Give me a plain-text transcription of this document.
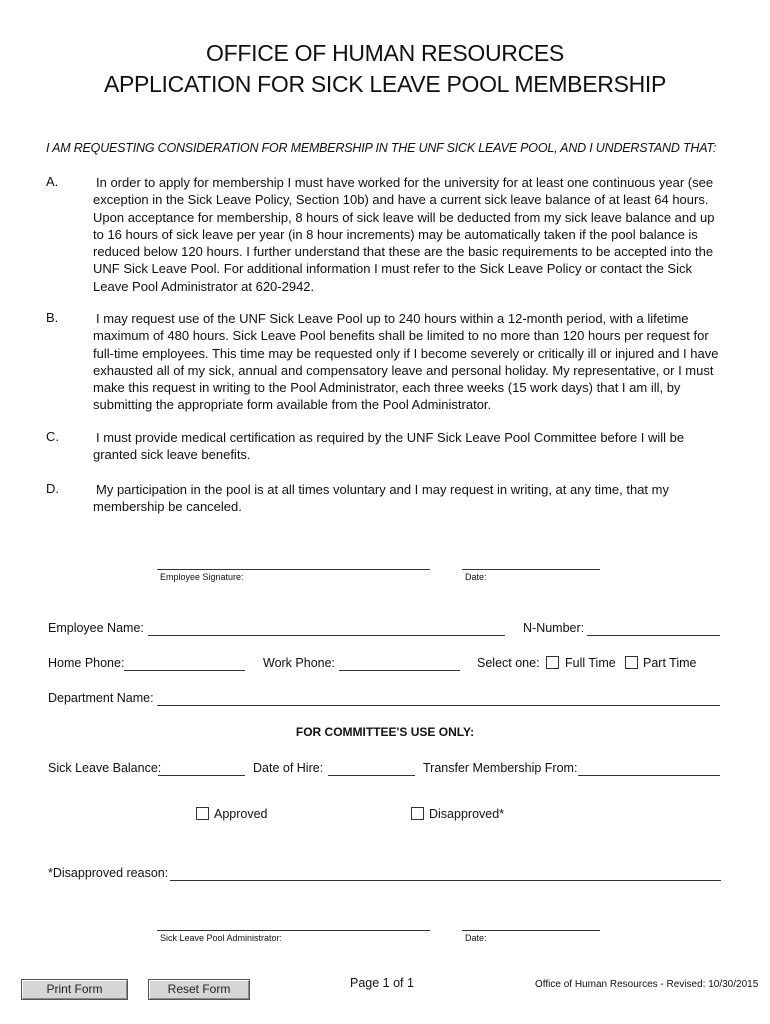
OFFICE OF HUMAN RESOURCES
APPLICATION FOR SICK LEAVE POOL MEMBERSHIP
I AM REQUESTING CONSIDERATION FOR MEMBERSHIP IN THE UNF SICK LEAVE POOL, AND I UNDERSTAND THAT:
A.	In order to apply for membership I must have worked for the university for at least one continuous year (see exception in the Sick Leave Policy, Section 10b) and have a current sick leave balance of at least 64 hours. Upon acceptance for membership, 8 hours of sick leave will be deducted from my sick leave balance and up to 16 hours of sick leave per year (in 8 hour increments) may be automatically taken if the pool balance is reduced below 120 hours. I further understand that these are the basic requirements to be accepted into the UNF Sick Leave Pool. For additional information I must refer to the Sick Leave Policy or contact the Sick Leave Pool Administrator at 620-2942.
B.	I may request use of the UNF Sick Leave Pool up to 240 hours within a 12-month period, with a lifetime maximum of 480 hours. Sick Leave Pool benefits shall be limited to no more than 120 hours per request for full-time employees. This time may be requested only if I become severely or critically ill or injured and I have exhausted all of my sick, annual and compensatory leave and personal holiday. My representative, or I must make this request in writing to the Pool Administrator, each three weeks (15 work days) that I am ill, by submitting the appropriate form available from the Pool Administrator.
C.	I must provide medical certification as required by the UNF Sick Leave Pool Committee before I will be granted sick leave benefits.
D.	My participation in the pool is at all times voluntary and I may request in writing, at any time, that my membership be canceled.
Employee Signature:	Date:
Employee Name:	N-Number:
Home Phone:	Work Phone:	Select one: Full Time Part Time
Department Name:
FOR COMMITTEE'S USE ONLY:
Sick Leave Balance:	Date of Hire:	Transfer Membership From:
Approved	Disapproved*
*Disapproved reason:
Sick Leave Pool Administrator:	Date:
Print Form	Reset Form	Page 1 of 1	Office of Human Resources - Revised: 10/30/2015
